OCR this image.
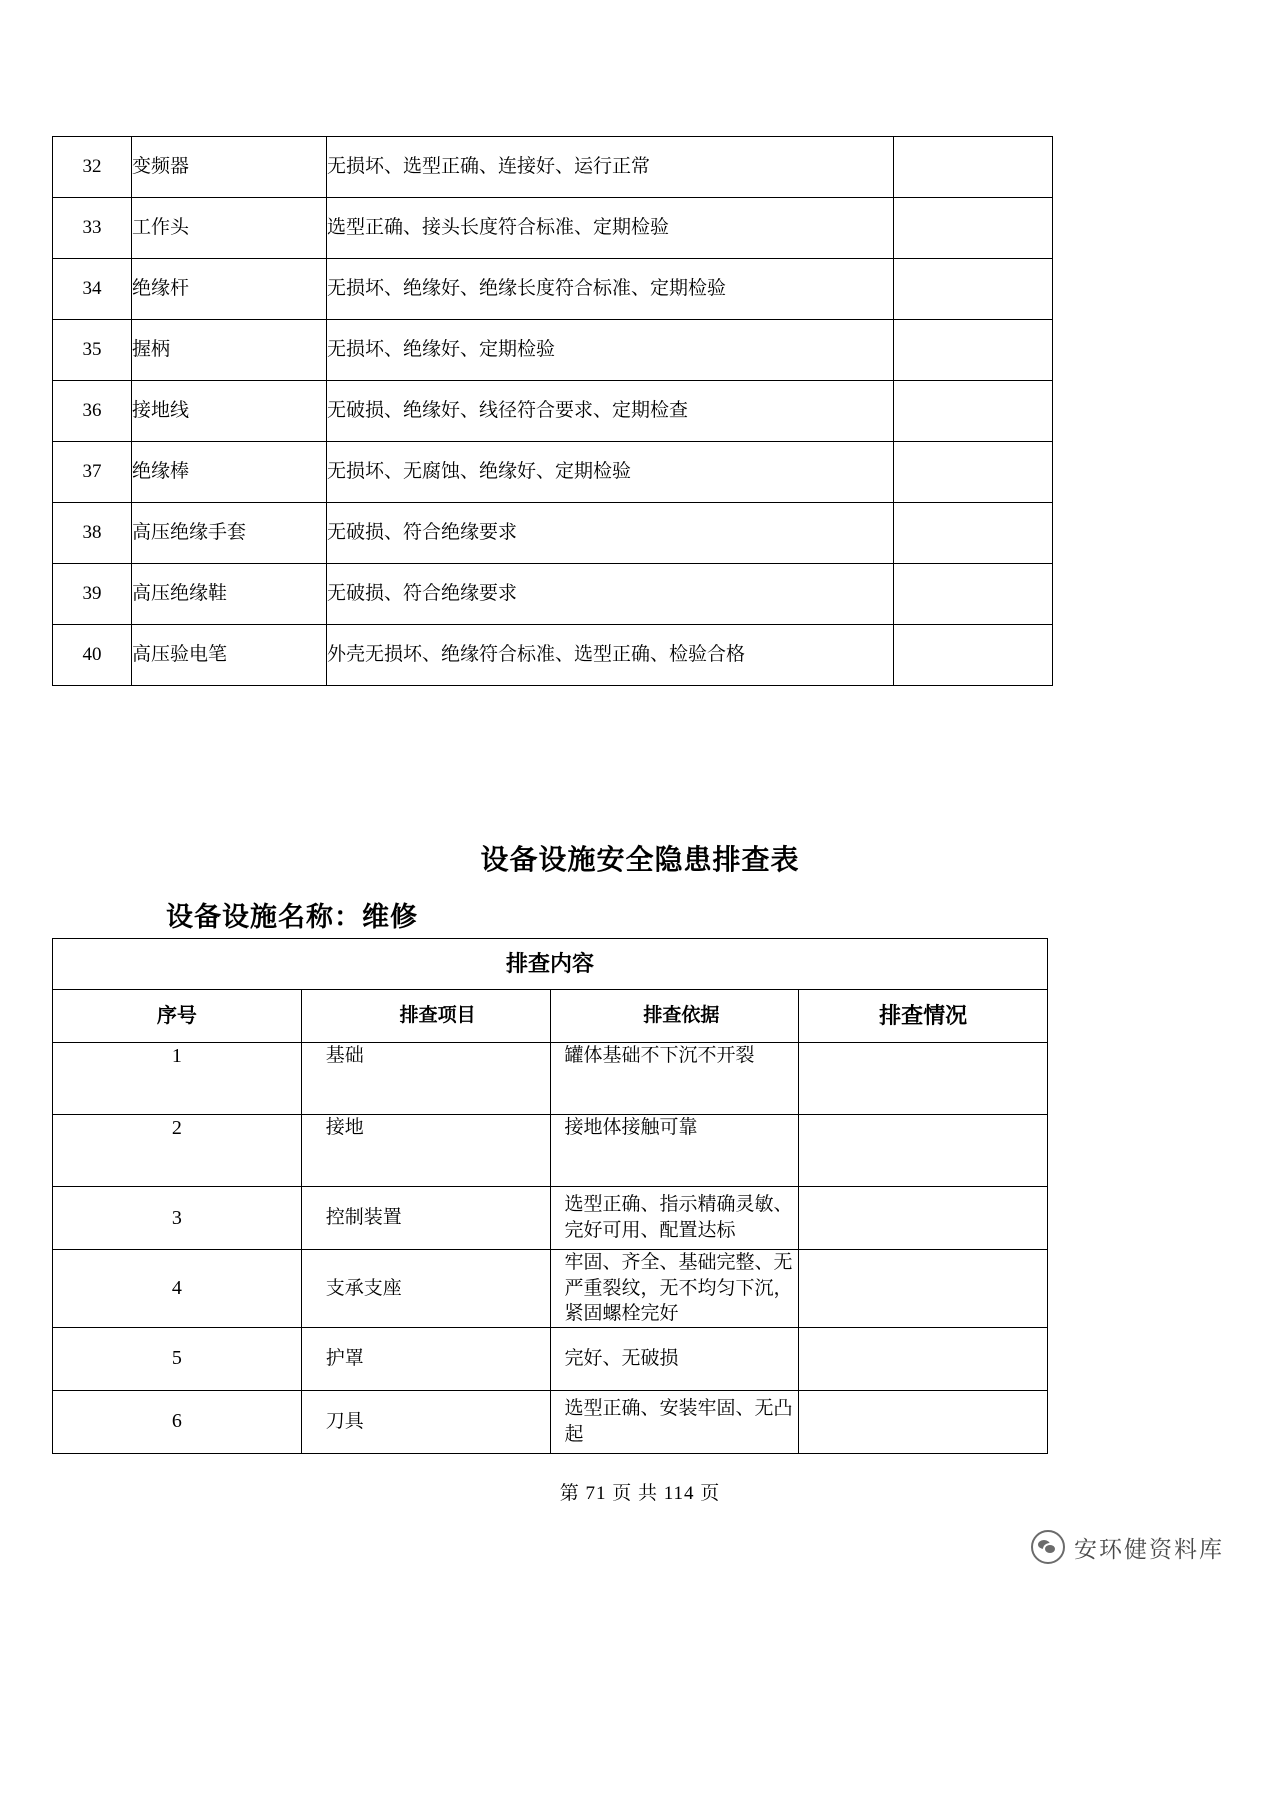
32	变频器	无损坏、选型正确、连接好、运行正常	
33	工作头	选型正确、接头长度符合标准、定期检验	
34	绝缘杆	无损坏、绝缘好、绝缘长度符合标准、定期检验	
35	握柄	无损坏、绝缘好、定期检验	
36	接地线	无破损、绝缘好、线径符合要求、定期检查	
37	绝缘棒	无损坏、无腐蚀、绝缘好、定期检验	
38	高压绝缘手套	无破损、符合绝缘要求	
39	高压绝缘鞋	无破损、符合绝缘要求	
40	高压验电笔	外壳无损坏、绝缘符合标准、选型正确、检验合格	
设备设施安全隐患排查表
设备设施名称：维修
排查内容			
序号	排查项目	排查依据	排查情况
1	基础	罐体基础不下沉不开裂	
2	接地	接地体接触可靠	
3	控制装置	选型正确、指示精确灵敏、完好可用、配置达标	
4	支承支座	牢固、齐全、基础完整、无严重裂纹，无不均匀下沉，紧固螺栓完好	
5	护罩	完好、无破损	
6	刀具	选型正确、安装牢固、无凸起	
第 71 页 共 114 页
安环健资料库
